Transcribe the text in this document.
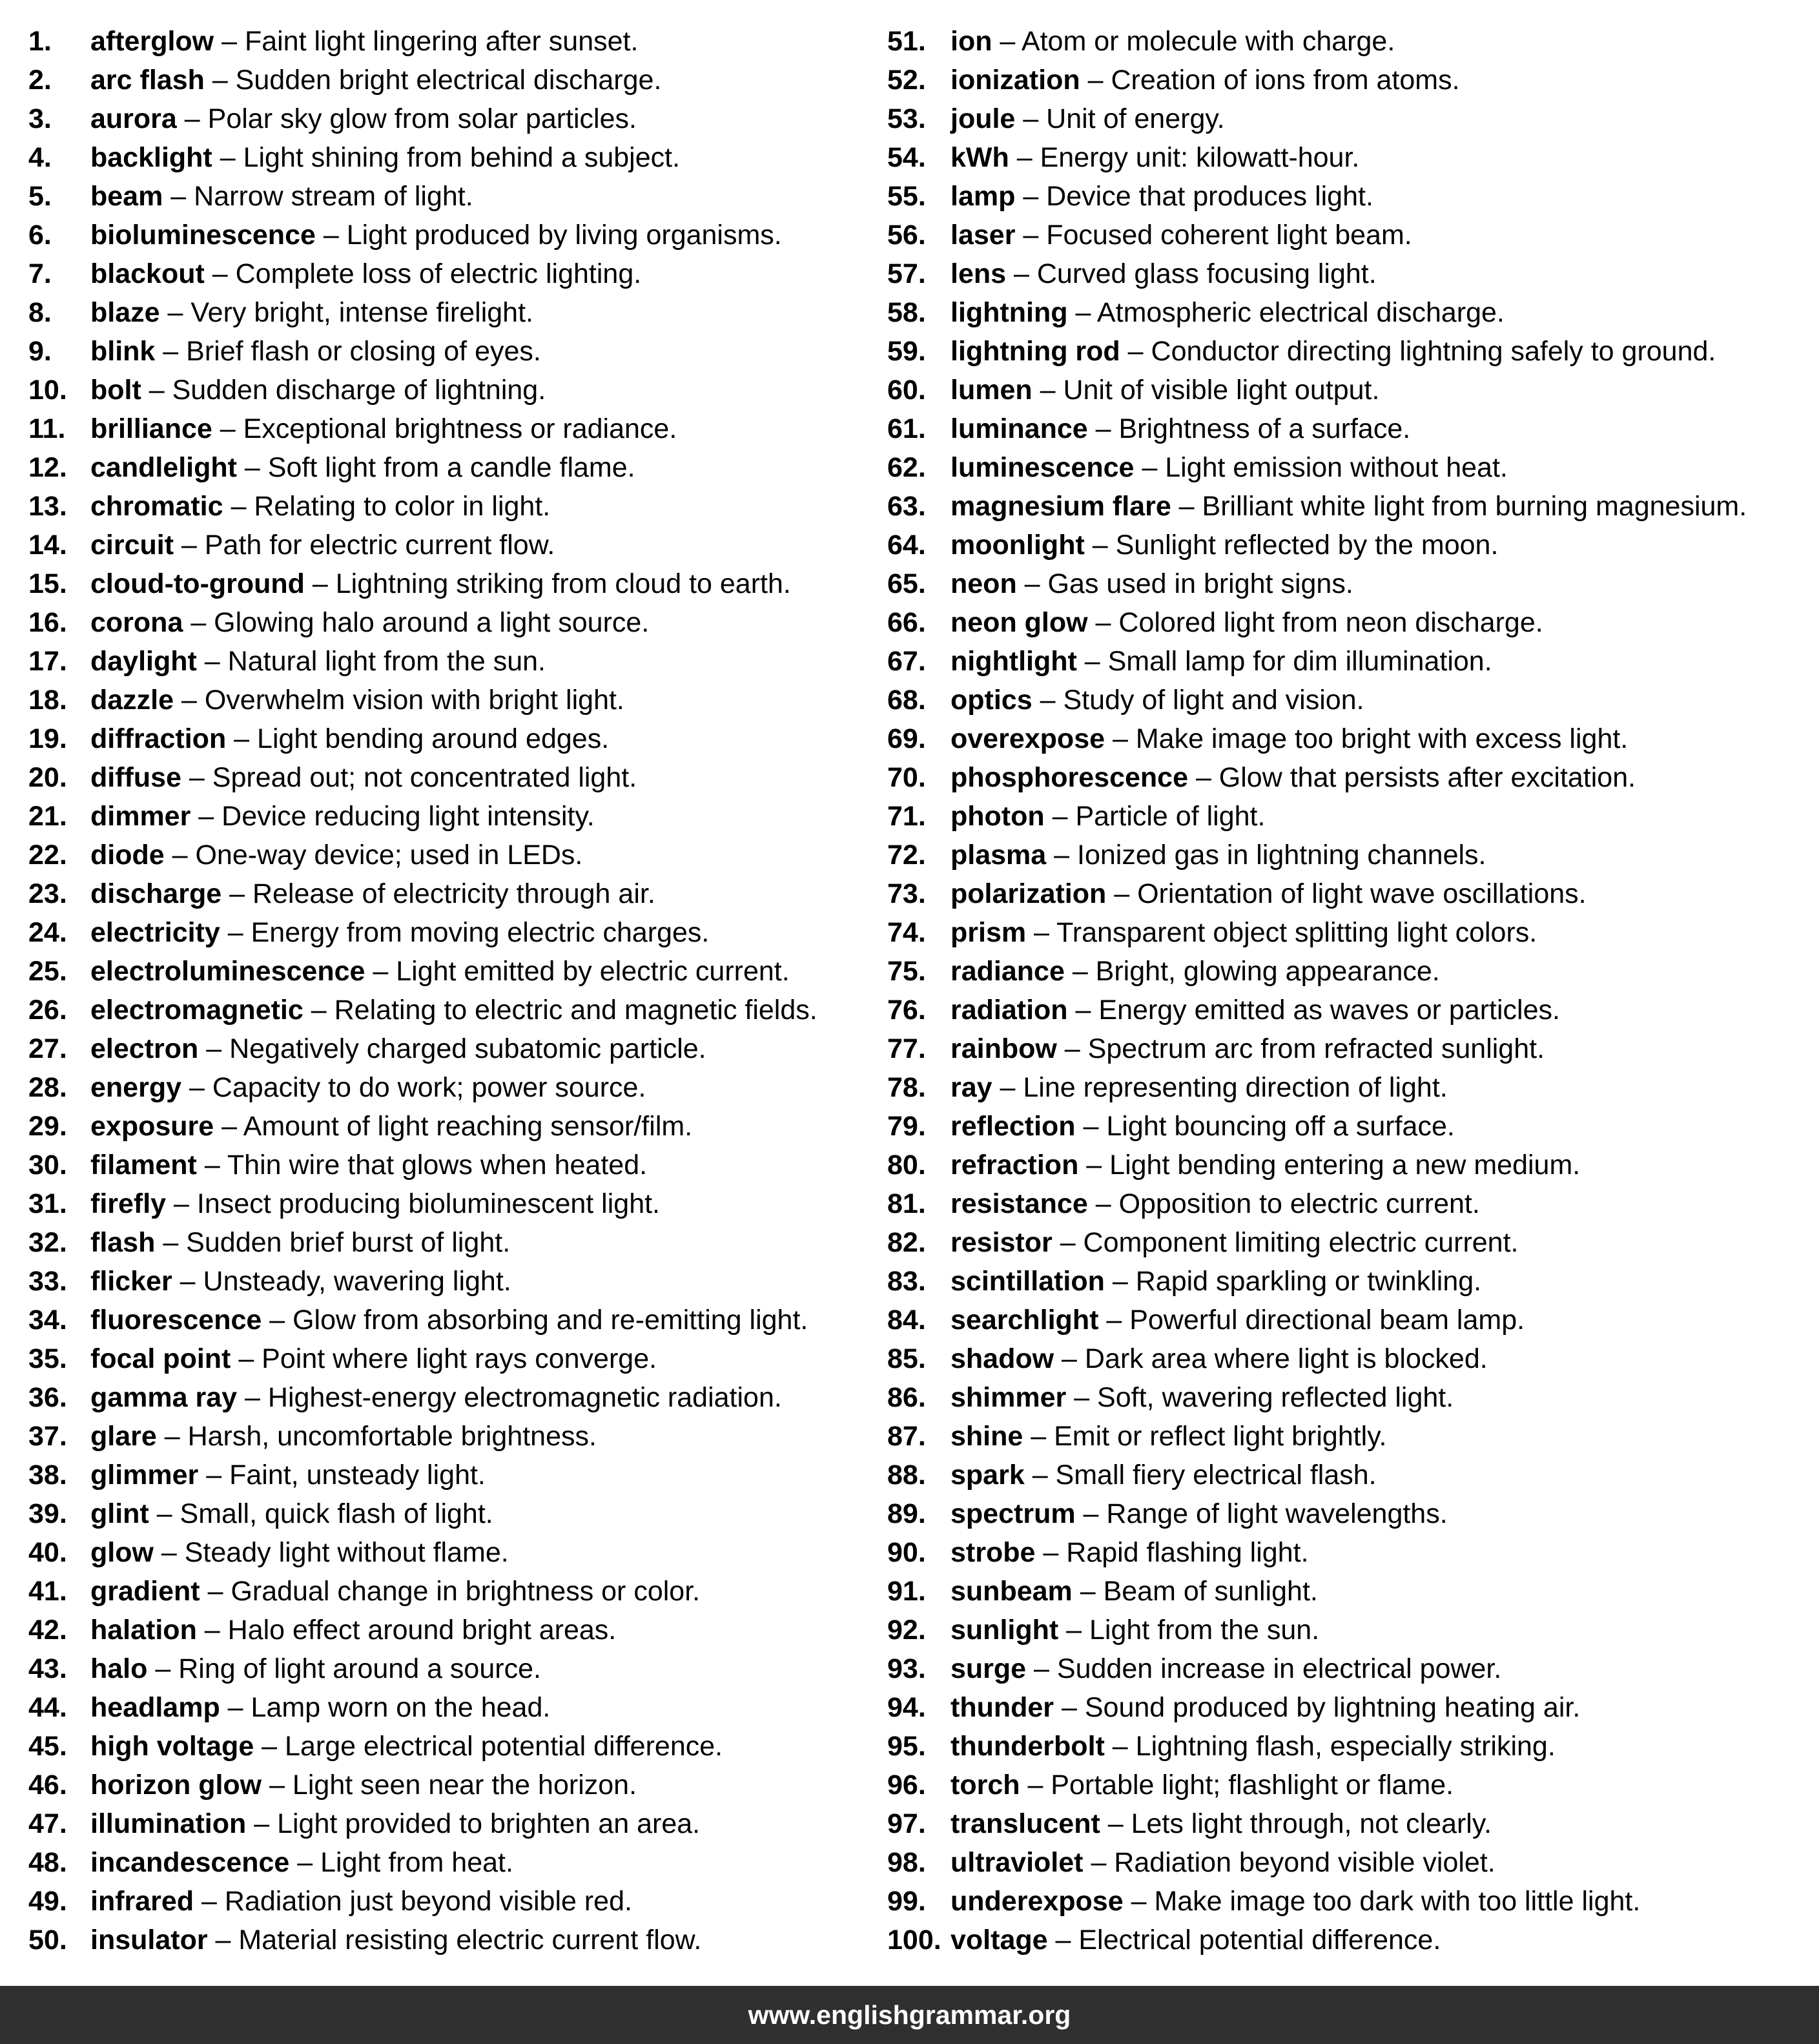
1. afterglow – Faint light lingering after sunset.
2. arc flash – Sudden bright electrical discharge.
3. aurora – Polar sky glow from solar particles.
4. backlight – Light shining from behind a subject.
5. beam – Narrow stream of light.
6. bioluminescence – Light produced by living organisms.
7. blackout – Complete loss of electric lighting.
8. blaze – Very bright, intense firelight.
9. blink – Brief flash or closing of eyes.
10. bolt – Sudden discharge of lightning.
11. brilliance – Exceptional brightness or radiance.
12. candlelight – Soft light from a candle flame.
13. chromatic – Relating to color in light.
14. circuit – Path for electric current flow.
15. cloud-to-ground – Lightning striking from cloud to earth.
16. corona – Glowing halo around a light source.
17. daylight – Natural light from the sun.
18. dazzle – Overwhelm vision with bright light.
19. diffraction – Light bending around edges.
20. diffuse – Spread out; not concentrated light.
21. dimmer – Device reducing light intensity.
22. diode – One-way device; used in LEDs.
23. discharge – Release of electricity through air.
24. electricity – Energy from moving electric charges.
25. electroluminescence – Light emitted by electric current.
26. electromagnetic – Relating to electric and magnetic fields.
27. electron – Negatively charged subatomic particle.
28. energy – Capacity to do work; power source.
29. exposure – Amount of light reaching sensor/film.
30. filament – Thin wire that glows when heated.
31. firefly – Insect producing bioluminescent light.
32. flash – Sudden brief burst of light.
33. flicker – Unsteady, wavering light.
34. fluorescence – Glow from absorbing and re-emitting light.
35. focal point – Point where light rays converge.
36. gamma ray – Highest-energy electromagnetic radiation.
37. glare – Harsh, uncomfortable brightness.
38. glimmer – Faint, unsteady light.
39. glint – Small, quick flash of light.
40. glow – Steady light without flame.
41. gradient – Gradual change in brightness or color.
42. halation – Halo effect around bright areas.
43. halo – Ring of light around a source.
44. headlamp – Lamp worn on the head.
45. high voltage – Large electrical potential difference.
46. horizon glow – Light seen near the horizon.
47. illumination – Light provided to brighten an area.
48. incandescence – Light from heat.
49. infrared – Radiation just beyond visible red.
50. insulator – Material resisting electric current flow.
51. ion – Atom or molecule with charge.
52. ionization – Creation of ions from atoms.
53. joule – Unit of energy.
54. kWh – Energy unit: kilowatt-hour.
55. lamp – Device that produces light.
56. laser – Focused coherent light beam.
57. lens – Curved glass focusing light.
58. lightning – Atmospheric electrical discharge.
59. lightning rod – Conductor directing lightning safely to ground.
60. lumen – Unit of visible light output.
61. luminance – Brightness of a surface.
62. luminescence – Light emission without heat.
63. magnesium flare – Brilliant white light from burning magnesium.
64. moonlight – Sunlight reflected by the moon.
65. neon – Gas used in bright signs.
66. neon glow – Colored light from neon discharge.
67. nightlight – Small lamp for dim illumination.
68. optics – Study of light and vision.
69. overexpose – Make image too bright with excess light.
70. phosphorescence – Glow that persists after excitation.
71. photon – Particle of light.
72. plasma – Ionized gas in lightning channels.
73. polarization – Orientation of light wave oscillations.
74. prism – Transparent object splitting light colors.
75. radiance – Bright, glowing appearance.
76. radiation – Energy emitted as waves or particles.
77. rainbow – Spectrum arc from refracted sunlight.
78. ray – Line representing direction of light.
79. reflection – Light bouncing off a surface.
80. refraction – Light bending entering a new medium.
81. resistance – Opposition to electric current.
82. resistor – Component limiting electric current.
83. scintillation – Rapid sparkling or twinkling.
84. searchlight – Powerful directional beam lamp.
85. shadow – Dark area where light is blocked.
86. shimmer – Soft, wavering reflected light.
87. shine – Emit or reflect light brightly.
88. spark – Small fiery electrical flash.
89. spectrum – Range of light wavelengths.
90. strobe – Rapid flashing light.
91. sunbeam – Beam of sunlight.
92. sunlight – Light from the sun.
93. surge – Sudden increase in electrical power.
94. thunder – Sound produced by lightning heating air.
95. thunderbolt – Lightning flash, especially striking.
96. torch – Portable light; flashlight or flame.
97. translucent – Lets light through, not clearly.
98. ultraviolet – Radiation beyond visible violet.
99. underexpose – Make image too dark with too little light.
100. voltage – Electrical potential difference.
www.englishgrammar.org
